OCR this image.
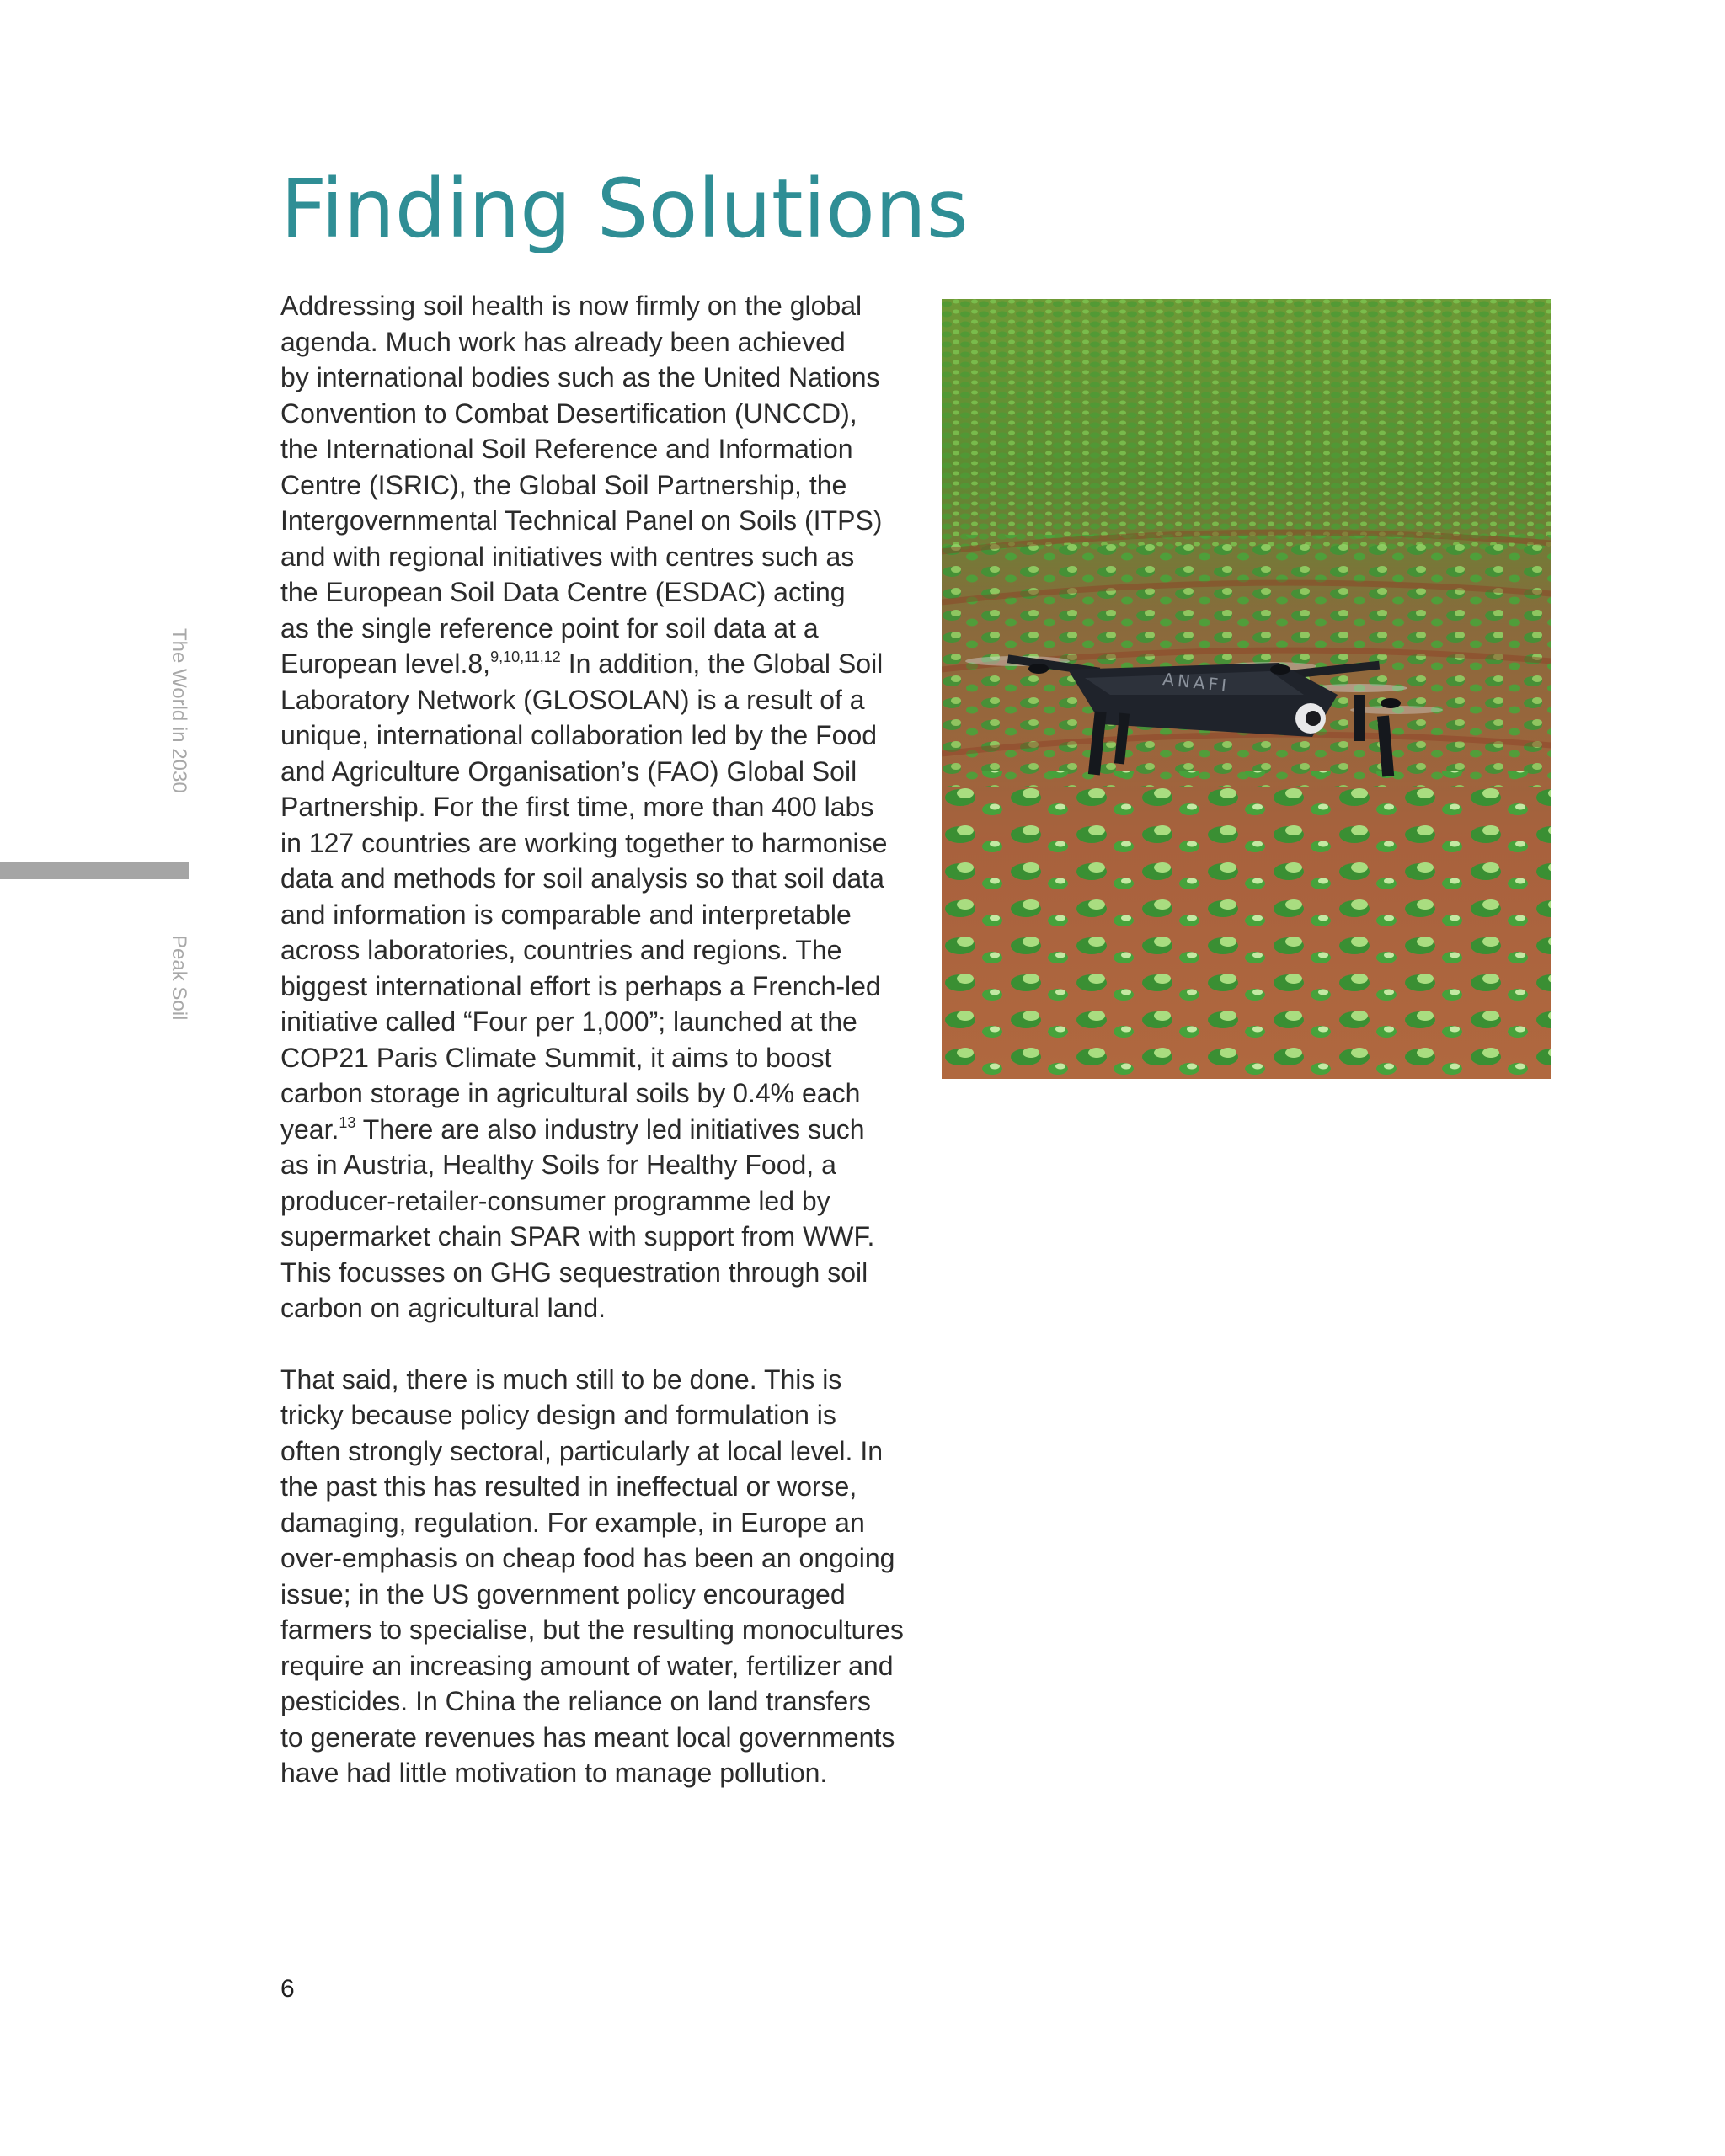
Finding Solutions
The World in 2030
Peak Soil

Addressing soil health is now firmly on the global
agenda. Much work has already been achieved
by international bodies such as the United Nations
Convention to Combat Desertification (UNCCD),
the International Soil Reference and Information
Centre (ISRIC), the Global Soil Partnership, the
Intergovernmental Technical Panel on Soils (ITPS)
and with regional initiatives with centres such as
the European Soil Data Centre (ESDAC) acting
as the single reference point for soil data at a
European level.8,$^{9,10,11,12}$ In addition, the Global Soil
Laboratory Network (GLOSOLAN) is a result of a
unique, international collaboration led by the Food
and Agriculture Organisation’s (FAO) Global Soil
Partnership. For the first time, more than 400 labs
in 127 countries are working together to harmonise
data and methods for soil analysis so that soil data
and information is comparable and interpretable
across laboratories, countries and regions. The
biggest international effort is perhaps a French-led
initiative called “Four per 1,000”; launched at the
COP21 Paris Climate Summit, it aims to boost
carbon storage in agricultural soils by 0.4% each
year.$^{13}$ There are also industry led initiatives such
as in Austria, Healthy Soils for Healthy Food, a
producer-retailer-consumer programme led by
supermarket chain SPAR with support from WWF.
This focusses on GHG sequestration through soil
carbon on agricultural land.

That said, there is much still to be done. This is
tricky because policy design and formulation is
often strongly sectoral, particularly at local level. In
the past this has resulted in ineffectual or worse,
damaging, regulation. For example, in Europe an
over-emphasis on cheap food has been an ongoing
issue; in the US government policy encouraged
farmers to specialise, but the resulting monocultures
require an increasing amount of water, fertilizer and
pesticides. In China the reliance on land transfers
to generate revenues has meant local governments
have had little motivation to manage pollution.

ANAFI
6
